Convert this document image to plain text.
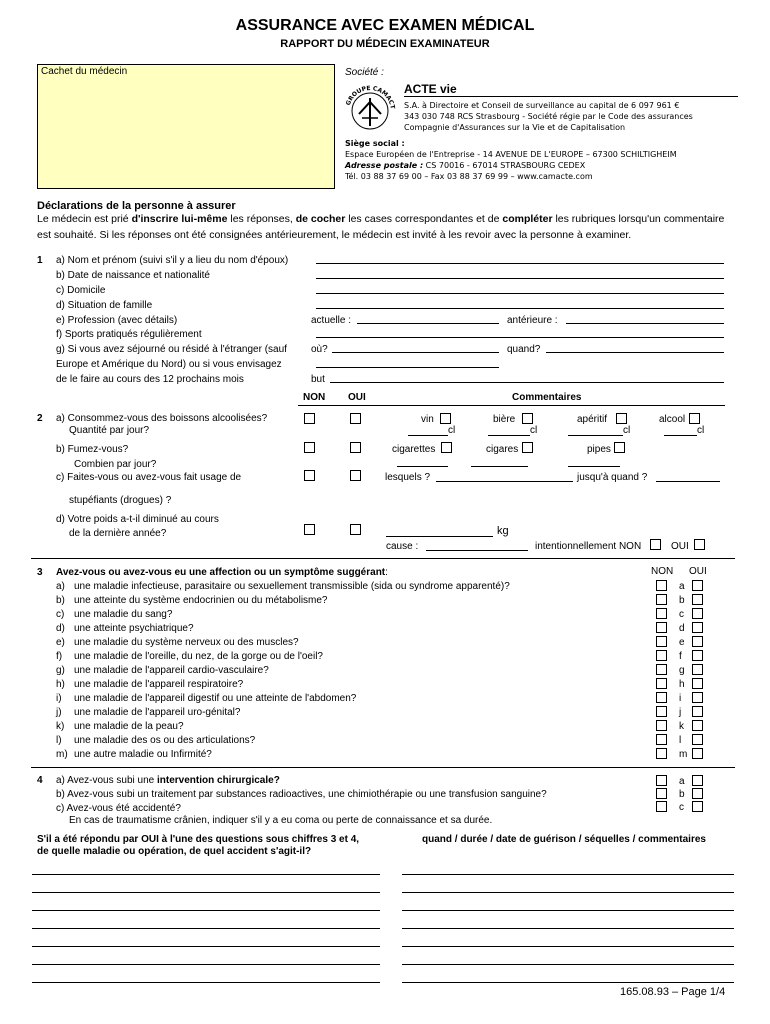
ASSURANCE AVEC EXAMEN MÉDICAL
RAPPORT DU MÉDECIN EXAMINATEUR
Cachet du médecin	Société :
GROUPE CAMACT
ACTE vie
S.A. à Directoire et Conseil de surveillance au capital de 6 097 961 €
343 030 748 RCS Strasbourg - Société régie par le Code des assurances
Compagnie d'Assurances sur la Vie et de Capitalisation
Siège social :
Espace Européen de l'Entreprise - 14 AVENUE DE L'EUROPE – 67300 SCHILTIGHEIM
Adresse postale : CS 70016 - 67014 STRASBOURG CEDEX
Tél. 03 88 37 69 00 – Fax 03 88 37 69 99 – www.camacte.com
Déclarations de la personne à assurer
Le médecin est prié d'inscrire lui-même les réponses, de cocher les cases correspondantes et de compléter les rubriques lorsqu'un commentaire
est souhaité. Si les réponses ont été consignées antérieurement, le médecin est invité à les revoir avec la personne à examiner.
1 a) Nom et prénom (suivi s'il y a lieu du nom d'époux)
b) Date de naissance et nationalité
c) Domicile
d) Situation de famille
e) Profession (avec détails)	actuelle :	antérieure :
f) Sports pratiqués régulièrement
g) Si vous avez séjourné ou résidé à l'étranger (sauf où?	quand?
Europe et Amérique du Nord) ou si vous envisagez
de le faire au cours des 12 prochains mois	but
NON OUI	Commentaires
2 a) Consommez-vous des boissons alcoolisées?
Quantité par jour?
vin	bière	apéritif	alcool
cl	cl	cl	cl
b) Fumez-vous?
Combien par jour?
cigarettes	cigares	pipes
c) Faites-vous ou avez-vous fait usage de	lesquels ?	jusqu'à quand ?
stupéfiants (drogues) ?
d) Votre poids a-t-il diminué au cours
de la dernière année?	kg
cause :	intentionnellement NON	OUI
3 Avez-vous ou avez-vous eu une affection ou un symptôme suggérant:	NON OUI
a) une maladie infectieuse, parasitaire ou sexuellement transmissible (sida ou syndrome apparenté)?	a
b) une atteinte du système endocrinien ou du métabolisme?	b
c) une maladie du sang?	c
d) une atteinte psychiatrique?	d
e) une maladie du système nerveux ou des muscles?	e
f) une maladie de l'oreille, du nez, de la gorge ou de l'oeil?	f
g) une maladie de l'appareil cardio-vasculaire?	g
h) une maladie de l'appareil respiratoire?	h
i) une maladie de l'appareil digestif ou une atteinte de l'abdomen?	i
j) une maladie de l'appareil uro-génital?	j
k) une maladie de la peau?	k
l) une maladie des os ou des articulations?	l
m) une autre maladie ou Infirmité?	m
4 a) Avez-vous subi une intervention chirurgicale?
b) Avez-vous subi un traitement par substances radioactives, une chimiothérapie ou une transfusion sanguine?
c) Avez-vous été accidenté?
En cas de traumatisme crânien, indiquer s'il y a eu coma ou perte de connaissance et sa durée.
a
b
c
S'il a été répondu par OUI à l'une des questions sous chiffres 3 et 4,
de quelle maladie ou opération, de quel accident s'agit-il?
quand / durée / date de guérison / séquelles / commentaires
165.08.93 – Page 1/4
